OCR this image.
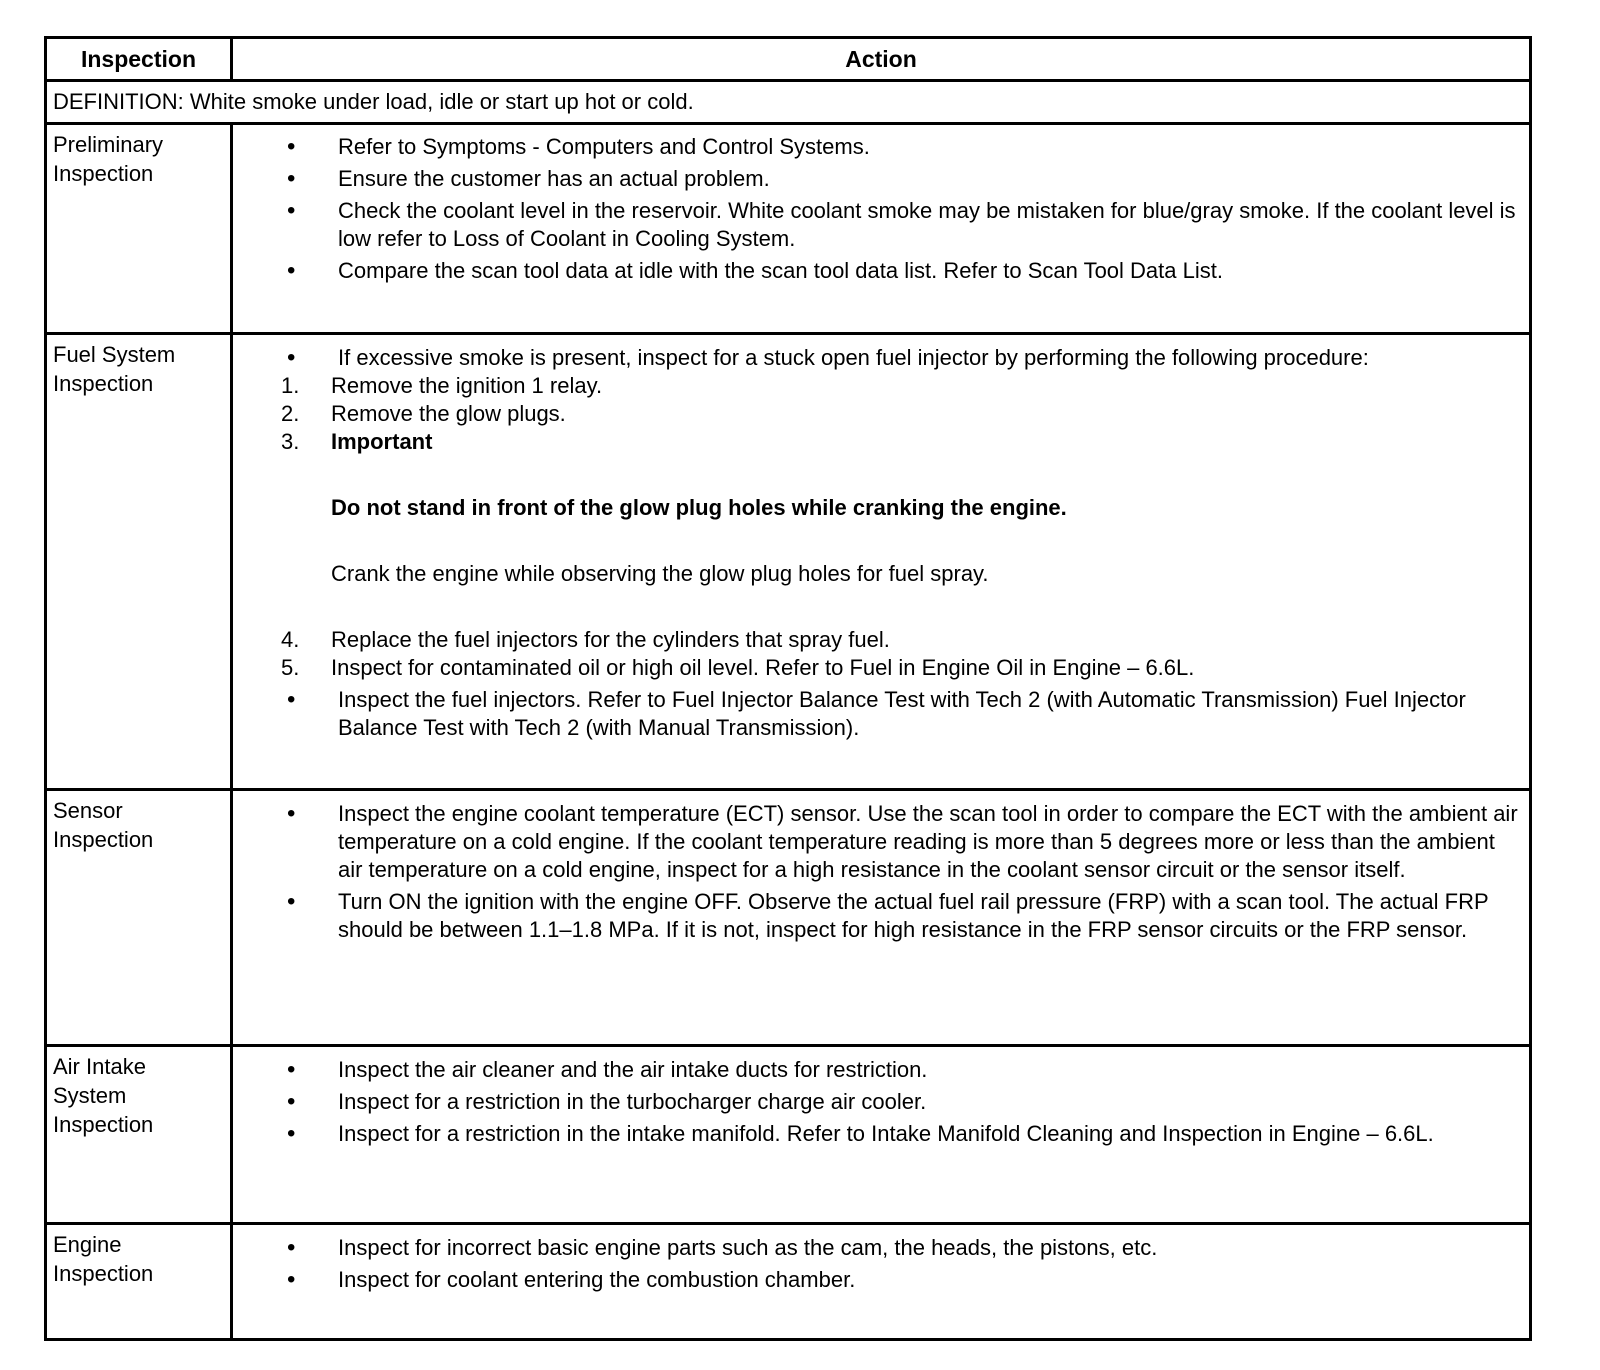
Inspection	Action
DEFINITION: White smoke under load, idle or start up hot or cold.
Preliminary Inspection
• Refer to Symptoms - Computers and Control Systems.
• Ensure the customer has an actual problem.
• Check the coolant level in the reservoir. White coolant smoke may be mistaken for blue/gray smoke. If the coolant level is low refer to Loss of Coolant in Cooling System.
• Compare the scan tool data at idle with the scan tool data list. Refer to Scan Tool Data List.
Fuel System Inspection
• If excessive smoke is present, inspect for a stuck open fuel injector by performing the following procedure:
1. Remove the ignition 1 relay.
2. Remove the glow plugs.
3. Important
Do not stand in front of the glow plug holes while cranking the engine.
Crank the engine while observing the glow plug holes for fuel spray.
4. Replace the fuel injectors for the cylinders that spray fuel.
5. Inspect for contaminated oil or high oil level. Refer to Fuel in Engine Oil in Engine – 6.6L.
• Inspect the fuel injectors. Refer to Fuel Injector Balance Test with Tech 2 (with Automatic Transmission) Fuel Injector Balance Test with Tech 2 (with Manual Transmission).
Sensor Inspection
• Inspect the engine coolant temperature (ECT) sensor. Use the scan tool in order to compare the ECT with the ambient air temperature on a cold engine. If the coolant temperature reading is more than 5 degrees more or less than the ambient air temperature on a cold engine, inspect for a high resistance in the coolant sensor circuit or the sensor itself.
• Turn ON the ignition with the engine OFF. Observe the actual fuel rail pressure (FRP) with a scan tool. The actual FRP should be between 1.1–1.8 MPa. If it is not, inspect for high resistance in the FRP sensor circuits or the FRP sensor.
Air Intake System Inspection
• Inspect the air cleaner and the air intake ducts for restriction.
• Inspect for a restriction in the turbocharger charge air cooler.
• Inspect for a restriction in the intake manifold. Refer to Intake Manifold Cleaning and Inspection in Engine – 6.6L.
Engine Inspection
• Inspect for incorrect basic engine parts such as the cam, the heads, the pistons, etc.
• Inspect for coolant entering the combustion chamber.
